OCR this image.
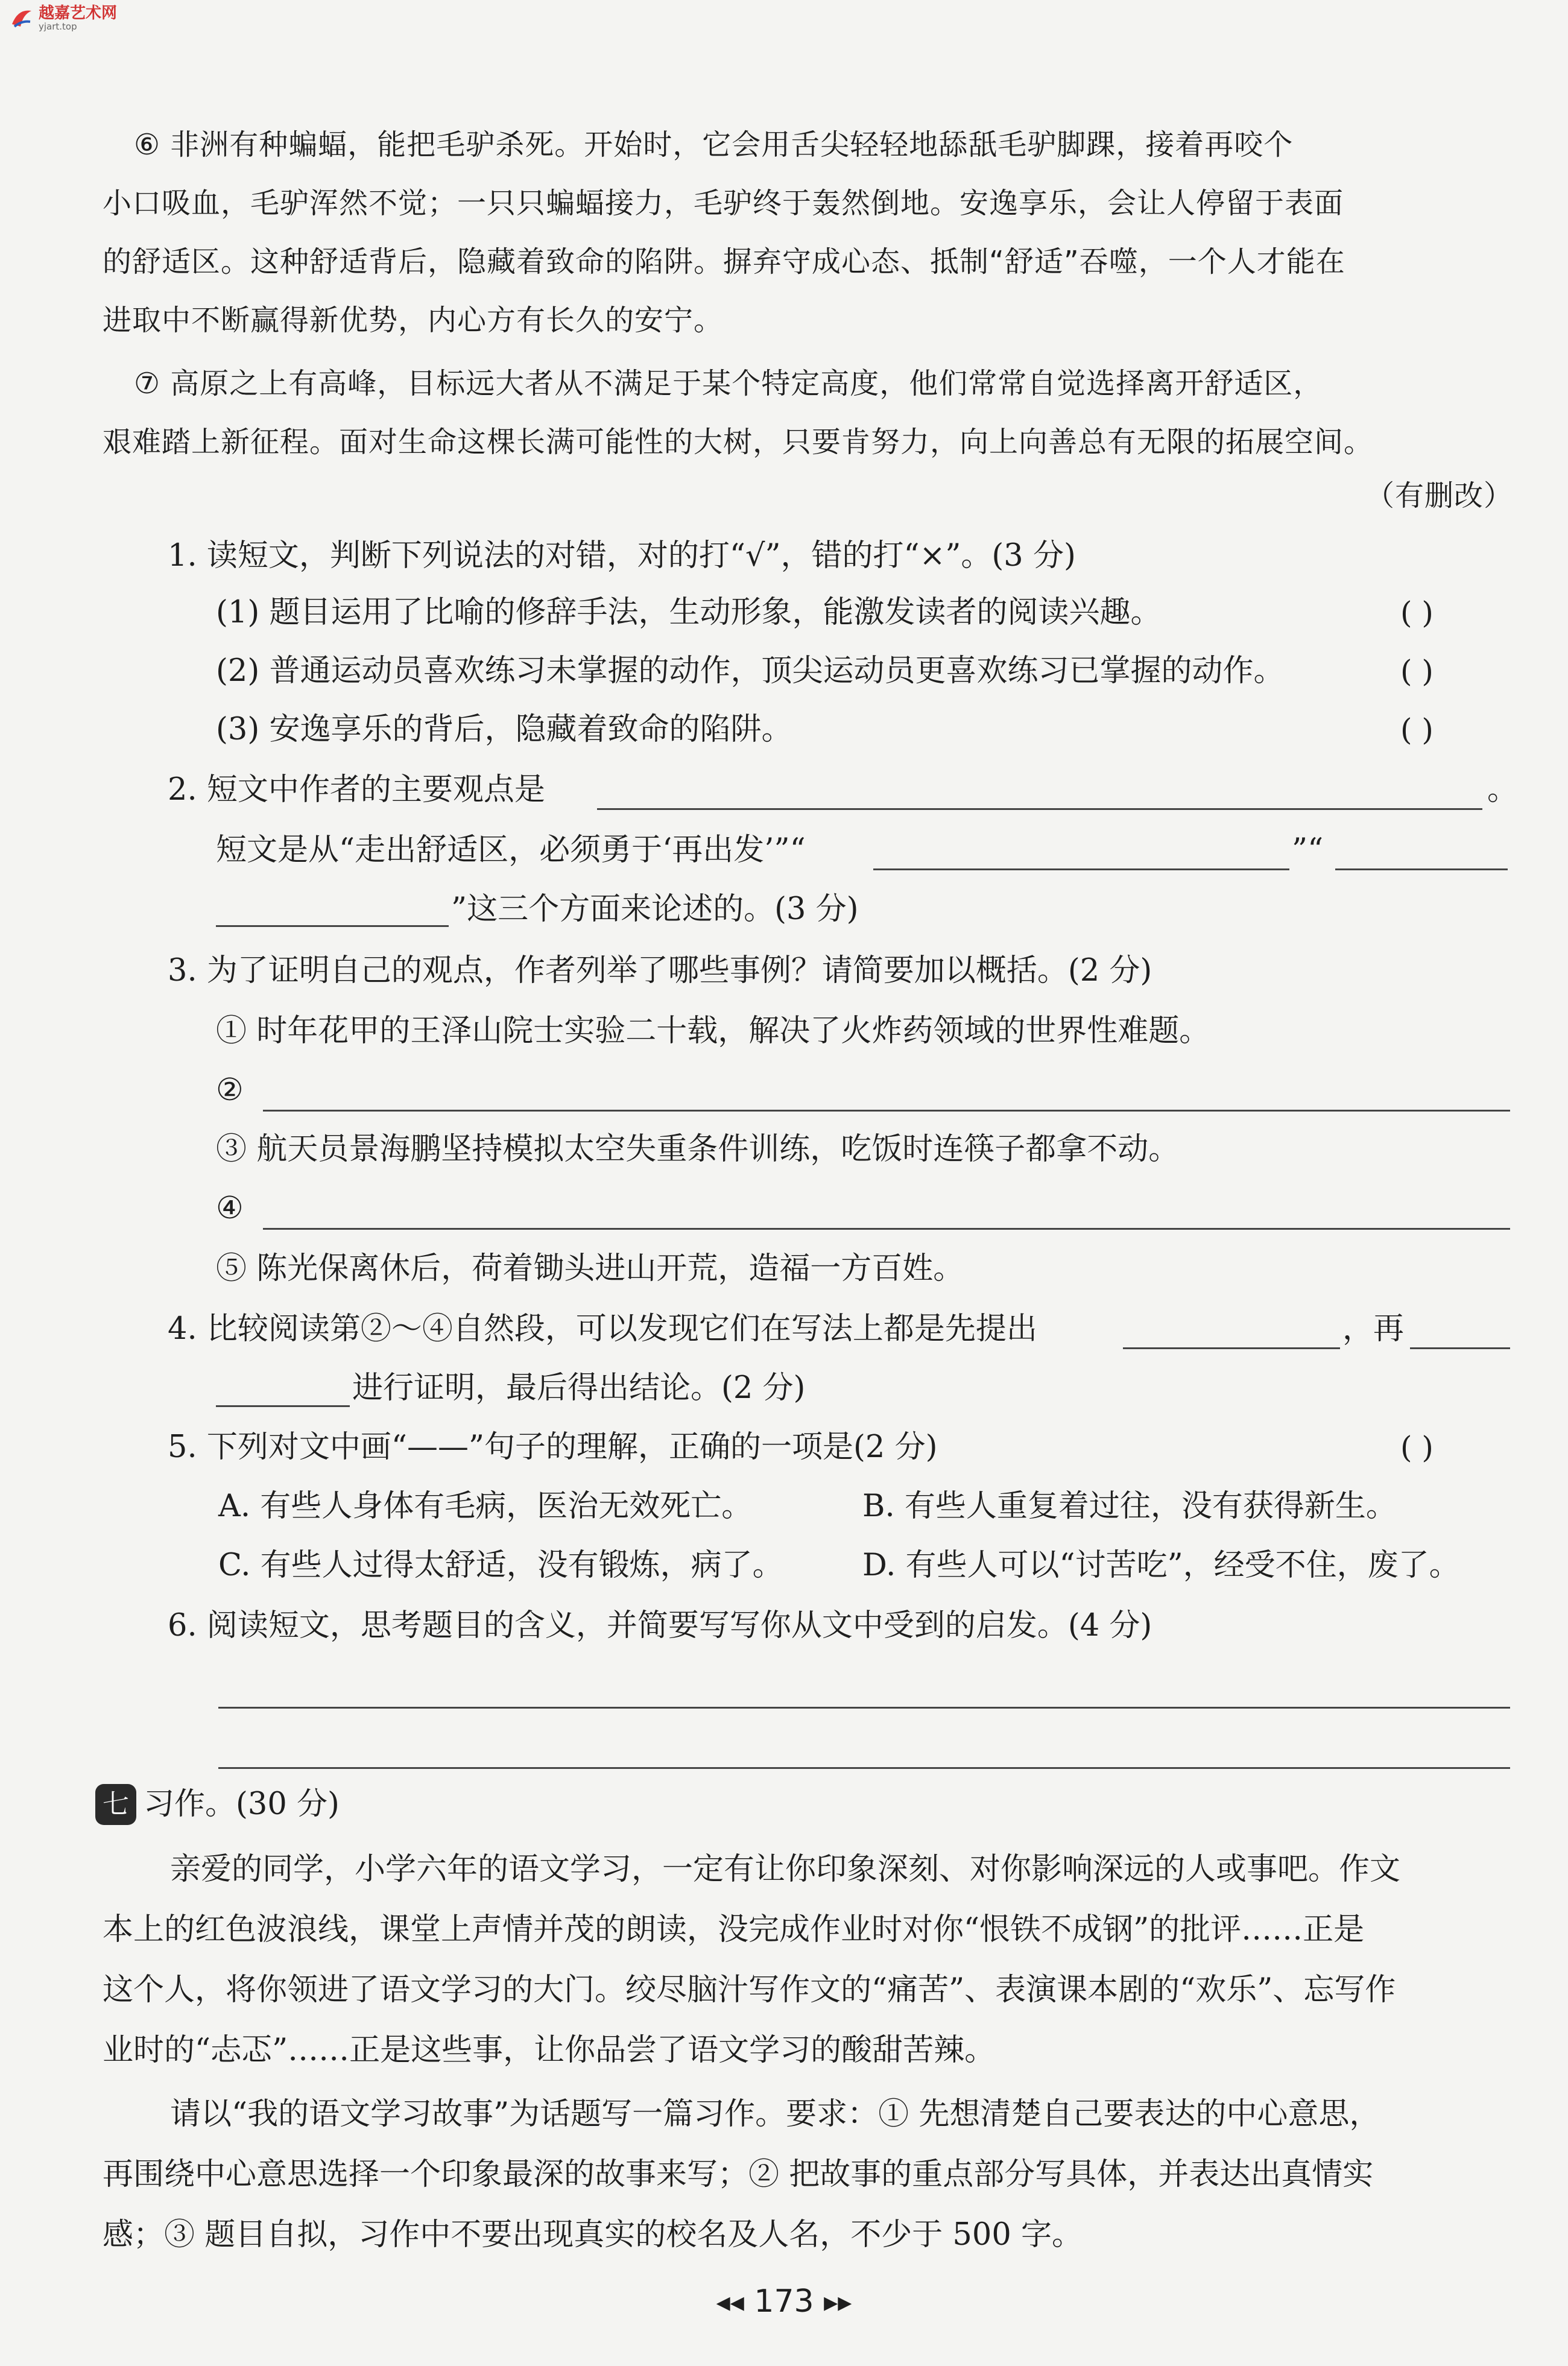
越嘉艺术网
yjart.top
⑥ 非洲有种蝙蝠，能把毛驴杀死。开始时，它会用舌尖轻轻地舔舐毛驴脚踝，接着再咬个
小口吸血，毛驴浑然不觉；一只只蝙蝠接力，毛驴终于轰然倒地。安逸享乐，会让人停留于表面
的舒适区。这种舒适背后，隐藏着致命的陷阱。摒弃守成心态、抵制“舒适”吞噬，一个人才能在
进取中不断赢得新优势，内心方有长久的安宁。
⑦ 高原之上有高峰，目标远大者从不满足于某个特定高度，他们常常自觉选择离开舒适区，
艰难踏上新征程。面对生命这棵长满可能性的大树，只要肯努力，向上向善总有无限的拓展空间。
（有删改）
1. 读短文，判断下列说法的对错，对的打“√”，错的打“×”。(3 分)
(1) 题目运用了比喻的修辞手法，生动形象，能激发读者的阅读兴趣。	( )
(2) 普通运动员喜欢练习未掌握的动作，顶尖运动员更喜欢练习已掌握的动作。	( )
(3) 安逸享乐的背后，隐藏着致命的陷阱。	( )
2. 短文中作者的主要观点是	。
短文是从“走出舒适区，必须勇于‘再出发’”“	”“
”这三个方面来论述的。(3 分)
3. 为了证明自己的观点，作者列举了哪些事例？请简要加以概括。(2 分)
① 时年花甲的王泽山院士实验二十载，解决了火炸药领域的世界性难题。
②
③ 航天员景海鹏坚持模拟太空失重条件训练，吃饭时连筷子都拿不动。
④
⑤ 陈光保离休后，荷着锄头进山开荒，造福一方百姓。
4. 比较阅读第②～④自然段，可以发现它们在写法上都是先提出	，再
进行证明，最后得出结论。(2 分)
5. 下列对文中画“——”句子的理解，正确的一项是(2 分)	( )
A. 有些人身体有毛病，医治无效死亡。	B. 有些人重复着过往，没有获得新生。
C. 有些人过得太舒适，没有锻炼，病了。	D. 有些人可以“讨苦吃”，经受不住，废了。
6. 阅读短文，思考题目的含义，并简要写写你从文中受到的启发。(4 分)
七 习作。(30 分)
亲爱的同学，小学六年的语文学习，一定有让你印象深刻、对你影响深远的人或事吧。作文
本上的红色波浪线，课堂上声情并茂的朗读，没完成作业时对你“恨铁不成钢”的批评……正是
这个人，将你领进了语文学习的大门。绞尽脑汁写作文的“痛苦”、表演课本剧的“欢乐”、忘写作
业时的“忐忑”……正是这些事，让你品尝了语文学习的酸甜苦辣。
请以“我的语文学习故事”为话题写一篇习作。要求：① 先想清楚自己要表达的中心意思，
再围绕中心意思选择一个印象最深的故事来写；② 把故事的重点部分写具体，并表达出真情实
感；③ 题目自拟，习作中不要出现真实的校名及人名，不少于 500 字。
◀◀ 173 ▶▶
